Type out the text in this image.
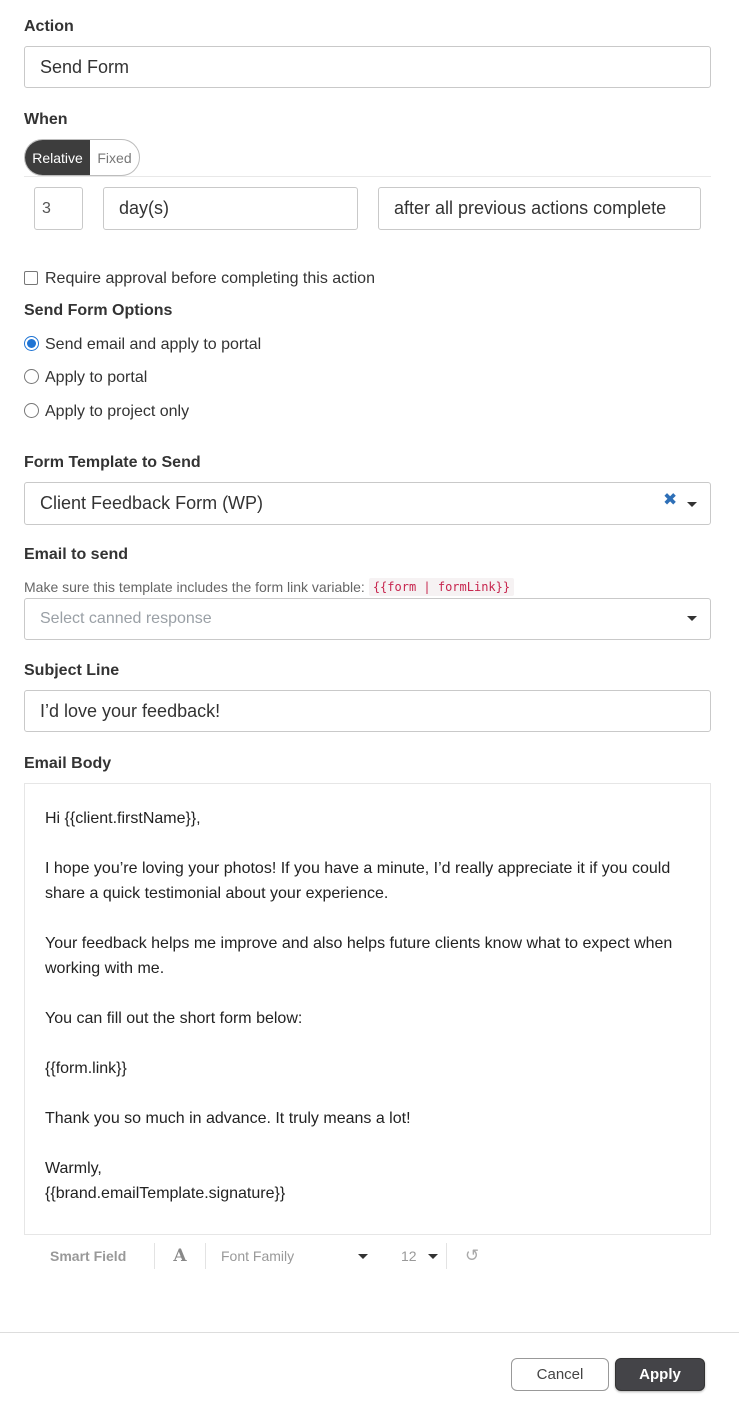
Action
Send Form
When
Relative	Fixed
3	day(s)	after all previous actions complete
Require approval before completing this action
Send Form Options
Send email and apply to portal
Apply to portal
Apply to project only
Form Template to Send
Client Feedback Form (WP)	✖
Email to send
Make sure this template includes the form link variable: {{form | formLink}}
Select canned response
Subject Line
I’d love your feedback!
Email Body

Hi {{client.firstName}},

I hope you’re loving your photos! If you have a minute, I’d really appreciate it if you could share a quick testimonial about your experience.

Your feedback helps me improve and also helps future clients know what to expect when working with me.

You can fill out the short form below:

{{form.link}}

Thank you so much in advance. It truly means a lot!

Warmly,
{{brand.emailTemplate.signature}}

Smart Field	A	Font Family	12	↺
Cancel	Apply
